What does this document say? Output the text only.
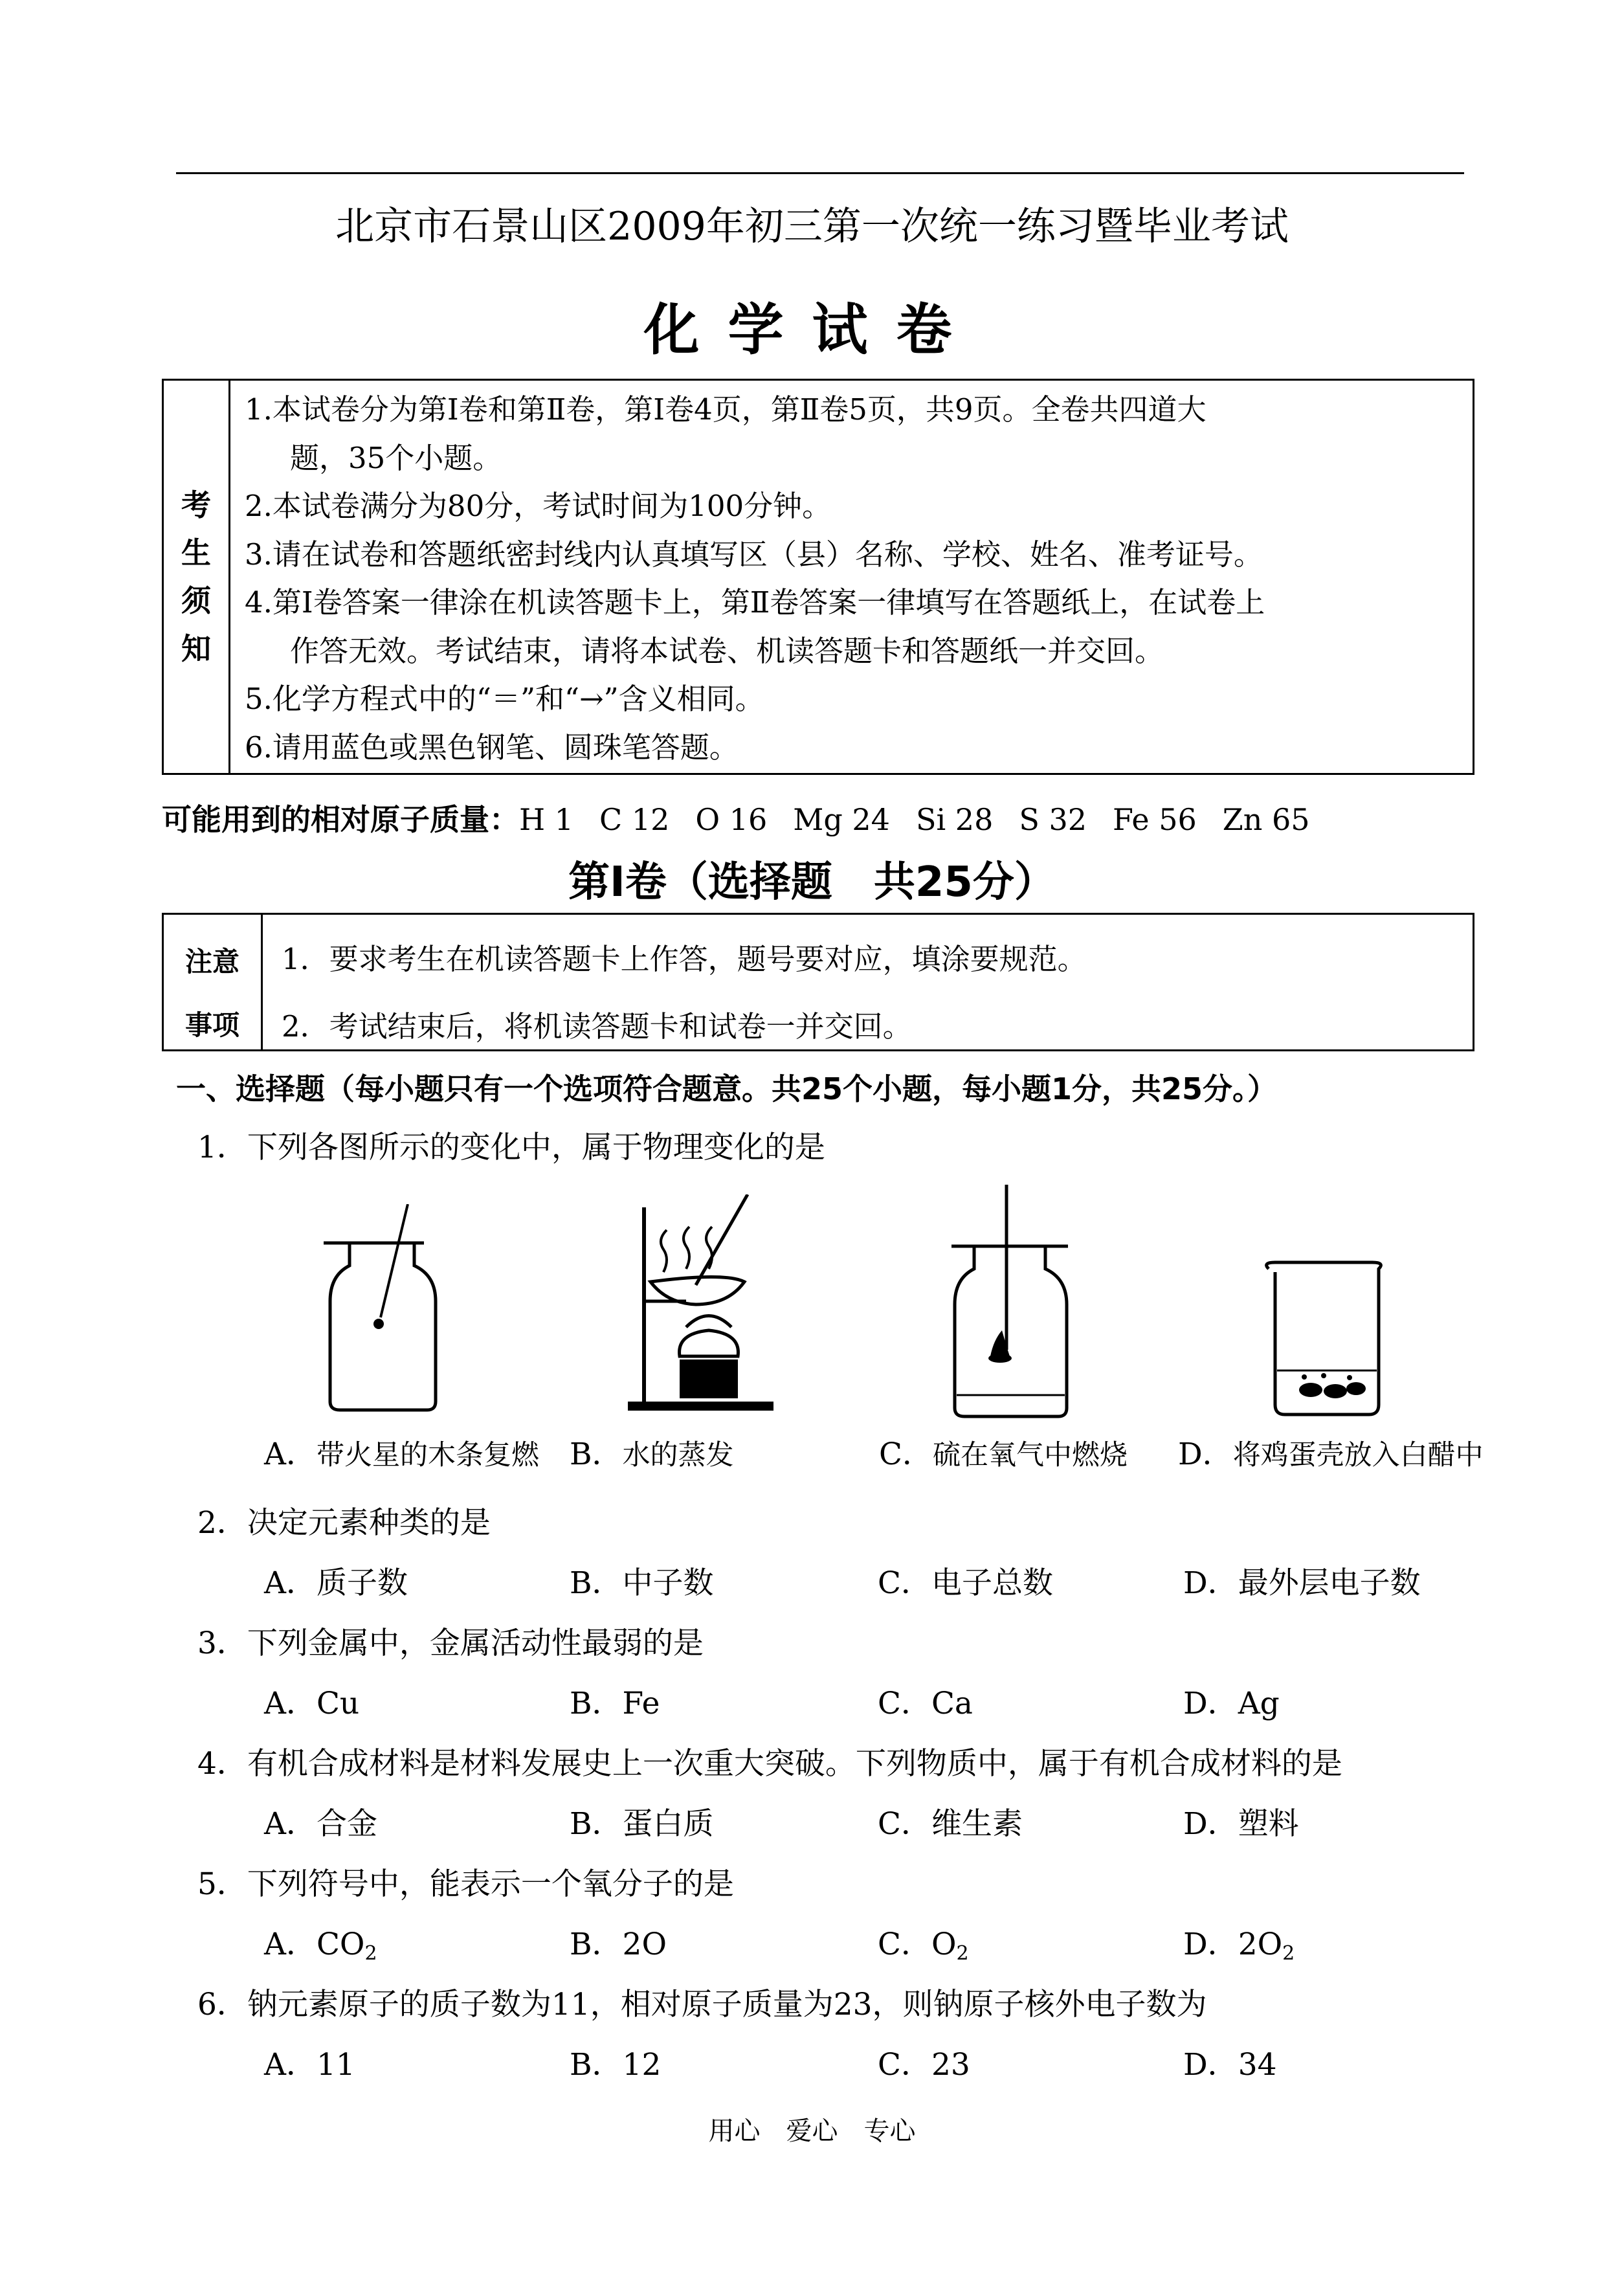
北京市石景山区2009年初三第一次统一练习暨毕业考试
化学试卷
考
生
须
知
1.本试卷分为第Ⅰ卷和第Ⅱ卷，第Ⅰ卷4页，第Ⅱ卷5页，共9页。全卷共四道大
题，35个小题。
2.本试卷满分为80分，考试时间为100分钟。
3.请在试卷和答题纸密封线内认真填写区（县）名称、学校、姓名、准考证号。
4.第Ⅰ卷答案一律涂在机读答题卡上，第Ⅱ卷答案一律填写在答题纸上，在试卷上
作答无效。考试结束，请将本试卷、机读答题卡和答题纸一并交回。
5.化学方程式中的“＝”和“→”含义相同。
6.请用蓝色或黑色钢笔、圆珠笔答题。
可能用到的相对原子质量：H 1 C 12 O 16 Mg 24 Si 28 S 32 Fe 56 Zn 65
第Ⅰ卷（选择题　共25分）
注意
事项
1．要求考生在机读答题卡上作答，题号要对应，填涂要规范。
2．考试结束后，将机读答题卡和试卷一并交回。
一、选择题（每小题只有一个选项符合题意。共25个小题，每小题1分，共25分。）
1．下列各图所示的变化中，属于物理变化的是
A．带火星的木条复燃 B．水的蒸发	C．硫在氧气中燃烧 D．将鸡蛋壳放入白醋中
2．决定元素种类的是
A．质子数	B．中子数	C．电子总数	D．最外层电子数
3．下列金属中，金属活动性最弱的是
A．Cu	B．Fe	C．Ca	D．Ag
4．有机合成材料是材料发展史上一次重大突破。下列物质中，属于有机合成材料的是
A．合金	B．蛋白质	C．维生素	D．塑料
5．下列符号中，能表示一个氧分子的是
A．$CO_2$	B．2O	C．$O_2$	D．$2O_2$
6．钠元素原子的质子数为11，相对原子质量为23，则钠原子核外电子数为
A．11	B．12	C．23	D．34
用心　爱心　专心
